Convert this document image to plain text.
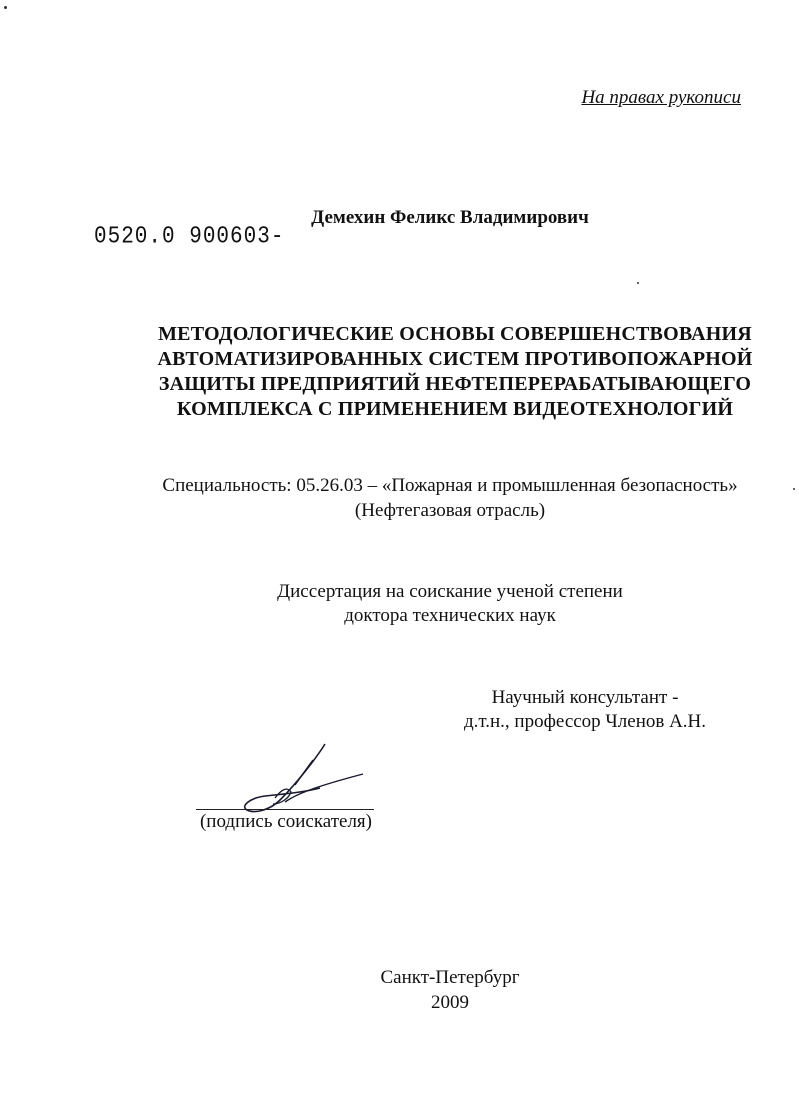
На правах рукописи
0520.0 900603-
Демехин Феликс Владимирович
МЕТОДОЛОГИЧЕСКИЕ ОСНОВЫ СОВЕРШЕНСТВОВАНИЯ
АВТОМАТИЗИРОВАННЫХ СИСТЕМ ПРОТИВОПОЖАРНОЙ
ЗАЩИТЫ ПРЕДПРИЯТИЙ НЕФТЕПЕРЕРАБАТЫВАЮЩЕГО
КОМПЛЕКСА С ПРИМЕНЕНИЕМ ВИДЕОТЕХНОЛОГИЙ
Специальность: 05.26.03 – «Пожарная и промышленная безопасность»
(Нефтегазовая отрасль)
Диссертация на соискание ученой степени
доктора технических наук
Научный консультант -
д.т.н., профессор Членов А.Н.
(подпись соискателя)
Санкт-Петербург
2009
